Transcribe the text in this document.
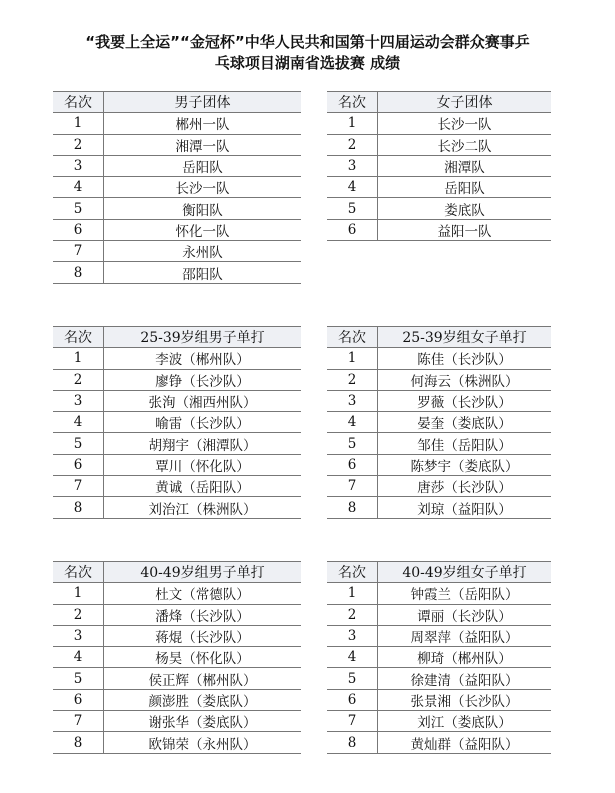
“我要上全运”“金冠杯”中华人民共和国第十四届运动会群众赛事乒
乓球项目湖南省选拔赛 成绩
名次	男子团体
1	郴州一队
2	湘潭一队
3	岳阳队
4	长沙一队
5	衡阳队
6	怀化一队
7	永州队
8	邵阳队
名次	女子团体
1	长沙一队
2	长沙二队
3	湘潭队
4	岳阳队
5	娄底队
6	益阳一队
名次	25-39岁组男子单打
1	李波（郴州队）
2	廖铮（长沙队）
3	张洵（湘西州队）
4	喻雷（长沙队）
5	胡翔宇（湘潭队）
6	覃川（怀化队）
7	黄诚（岳阳队）
8	刘治江（株洲队）
名次	25-39岁组女子单打
1	陈佳（长沙队）
2	何海云（株洲队）
3	罗薇（长沙队）
4	晏奎（娄底队）
5	邹佳（岳阳队）
6	陈梦宇（娄底队）
7	唐莎（长沙队）
8	刘琼（益阳队）
名次	40-49岁组男子单打
1	杜文（常德队）
2	潘烽（长沙队）
3	蒋焜（长沙队）
4	杨昊（怀化队）
5	侯正辉（郴州队）
6	颜澎胜（娄底队）
7	谢张华（娄底队）
8	欧锦荣（永州队）
名次	40-49岁组女子单打
1	钟霞兰（岳阳队）
2	谭丽（长沙队）
3	周翠萍（益阳队）
4	柳琦（郴州队）
5	徐建清（益阳队）
6	张景湘（长沙队）
7	刘江（娄底队）
8	黄灿群（益阳队）
